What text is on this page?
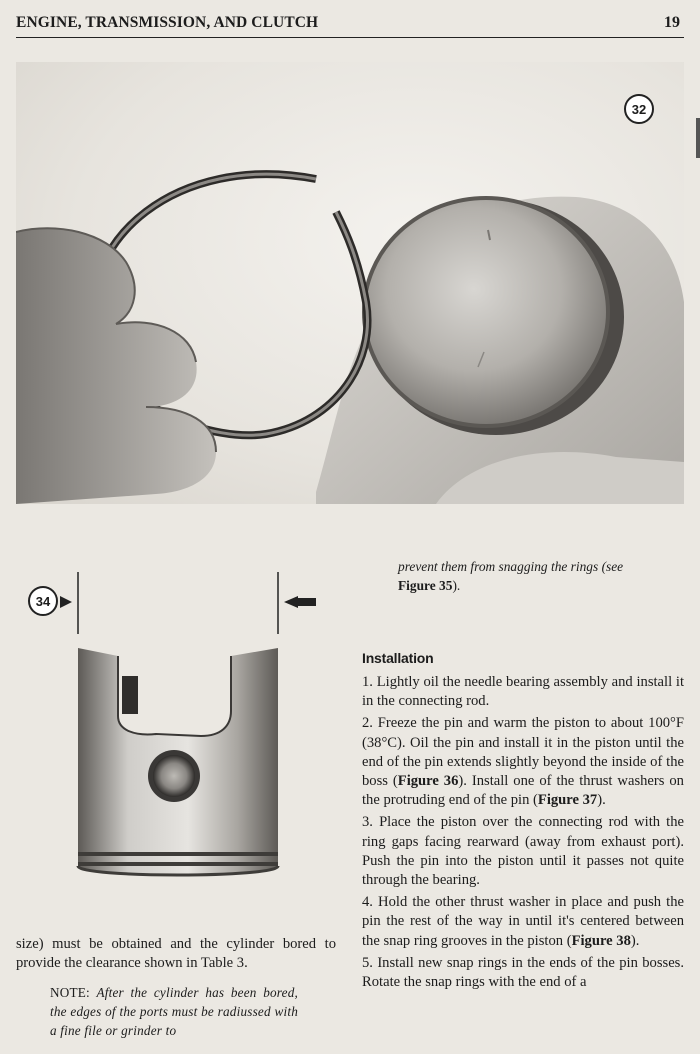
ENGINE, TRANSMISSION, AND CLUTCH	19
32
34
size) must be obtained and the cylinder bored to provide the clearance shown in Table 3.
NOTE: After the cylinder has been bored, the edges of the ports must be radiussed with a fine file or grinder to
prevent them from snagging the rings (see Figure 35).
Installation

1. Lightly oil the needle bearing assembly and install it in the connecting rod.

2. Freeze the pin and warm the piston to about 100°F (38°C). Oil the pin and install it in the piston until the end of the pin extends slightly beyond the inside of the boss (Figure 36). Install one of the thrust washers on the protruding end of the pin (Figure 37).

3. Place the piston over the connecting rod with the ring gaps facing rearward (away from exhaust port). Push the pin into the piston until it passes not quite through the bearing.

4. Hold the other thrust washer in place and push the pin the rest of the way in until it's centered between the snap ring grooves in the piston (Figure 38).

5. Install new snap rings in the ends of the pin bosses. Rotate the snap rings with the end of a
